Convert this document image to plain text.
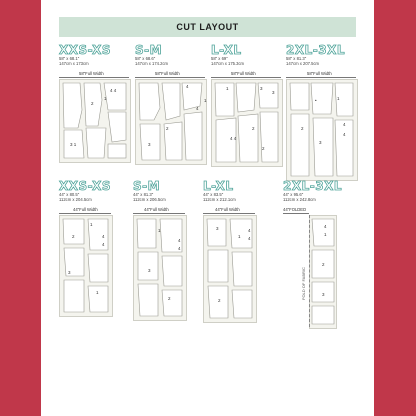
CUT LAYOUT
XXS-XS
58" x 68.1"
147cm x 173cm
S-M
58" x 68.6"
147cm x 174.2cm
L-XL
58" x 69"
147cm x 175.3cm
2XL-3XL
58" x 81.3"
147cm x 207.5cm
58"Full Width	58"Full Width	58"Full Width	58"Full Width
2
4 4
1
3 1
1
4
4
2
3
1	3
3
2
4 4
2
•	1
4
4
2
3
XXS-XS
44" x 80.5"
112cm x 204.5cm
S-M
44" x 81.3"
112cm x 206.5cm
L-XL
44" x 83.5"
112cm x 212.1cm
2XL-3XL
44" x 95.6"
112cm x 242.8cm
44"Full Width	44"Full Width	44"Full Width	44"FOLDED
1
2	4
4
3
1
1
4
4
3
2
3	4
4
1
2
4
1
2
3
FOLD OF FABRIC
